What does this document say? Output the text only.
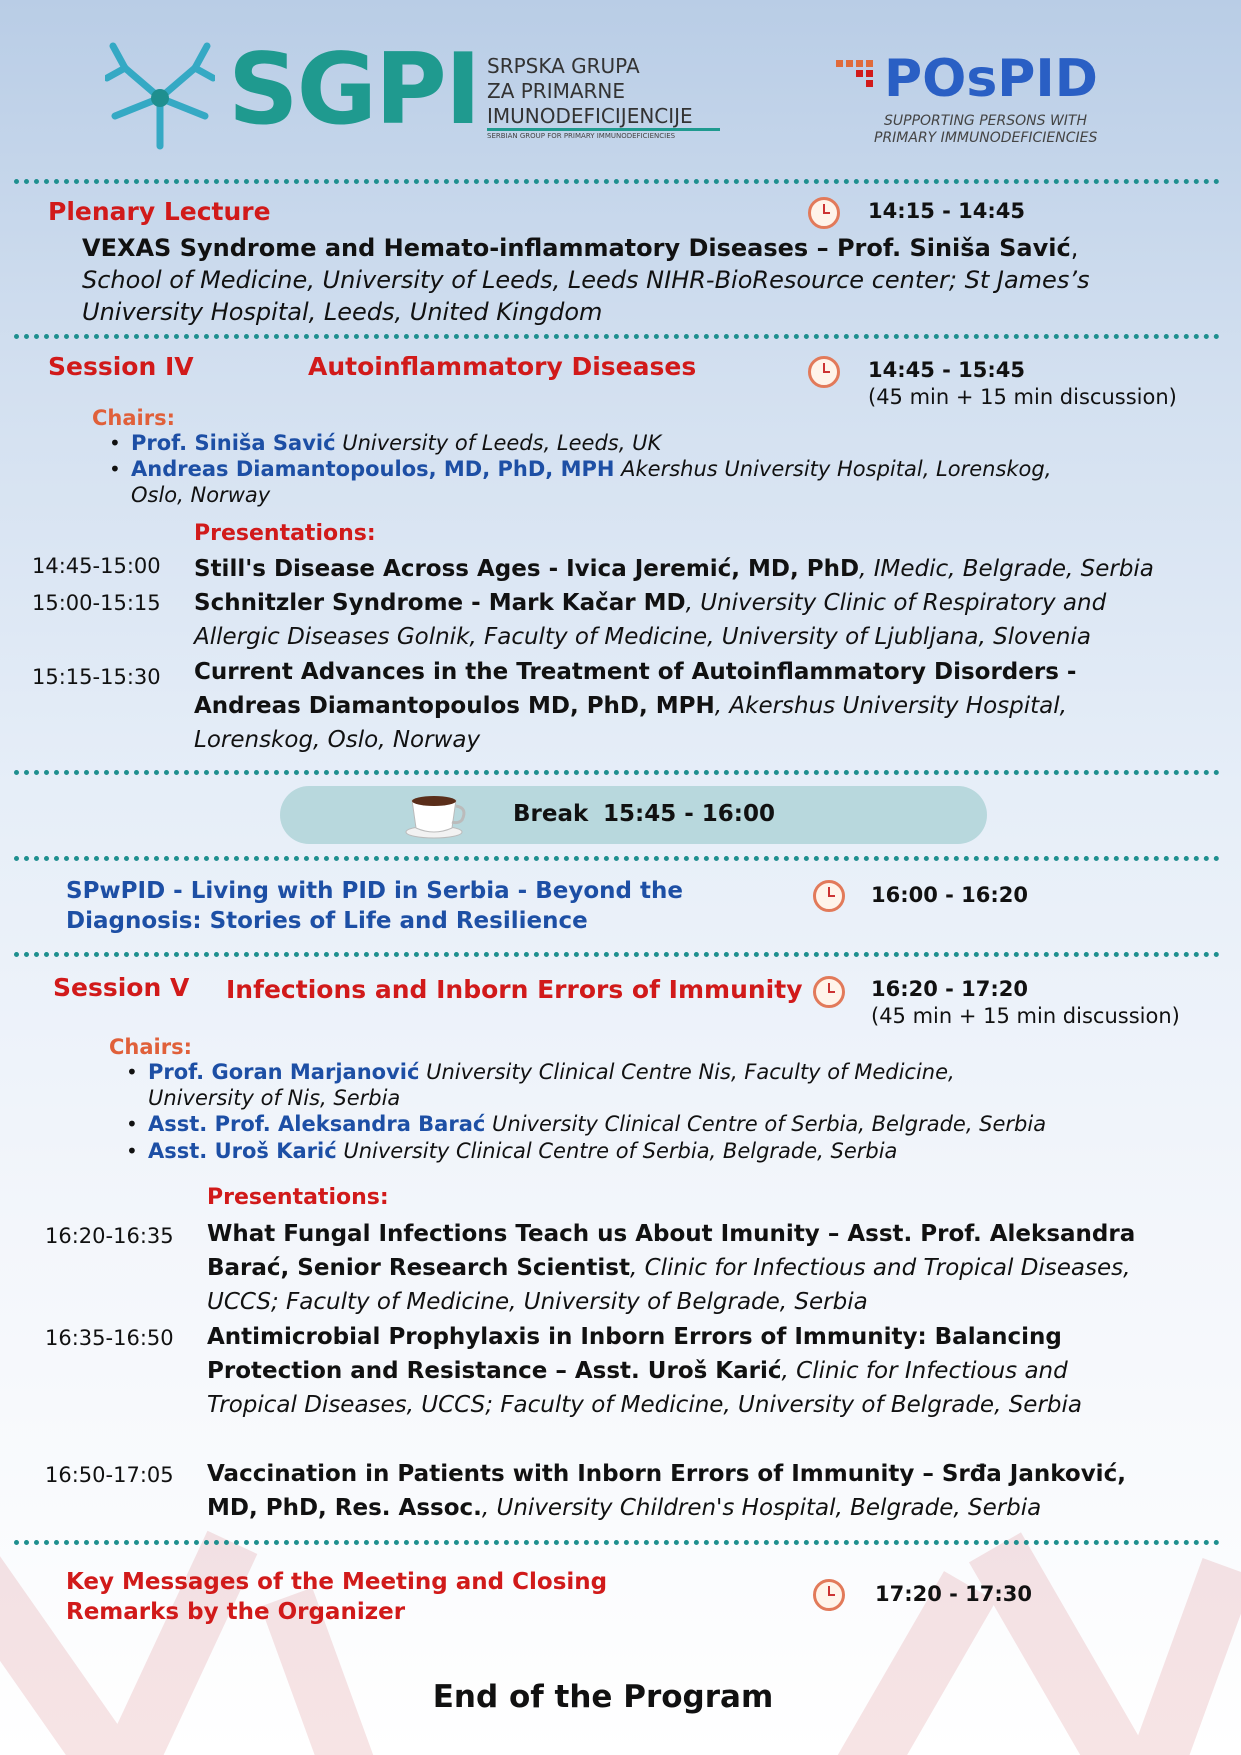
SGPI SRPSKA GRUPA
ZA PRIMARNE
IMUNODEFICIJENCIJE
SERBIAN GROUP FOR PRIMARY IMMUNODEFICIENCIES
POsPID
SUPPORTING PERSONS WITH
PRIMARY IMMUNODEFICIENCIES
Plenary Lecture	14:15 - 14:45
VEXAS Syndrome and Hemato-inflammatory Diseases – Prof. Siniša Savić, School of Medicine, University of Leeds, Leeds NIHR-BioResource center; St James’s University Hospital, Leeds, United Kingdom
Session IV	Autoinflammatory Diseases	14:45 - 15:45
(45 min + 15 min discussion)
Chairs:
• Prof. Siniša Savić University of Leeds, Leeds, UK
• Andreas Diamantopoulos, MD, PhD, MPH Akershus University Hospital, Lorenskog, Oslo, Norway
Presentations:
14:45-15:00 Still's Disease Across Ages - Ivica Jeremić, MD, PhD, IMedic, Belgrade, Serbia
15:00-15:15 Schnitzler Syndrome - Mark Kačar MD, University Clinic of Respiratory and Allergic Diseases Golnik, Faculty of Medicine, University of Ljubljana, Slovenia
15:15-15:30 Current Advances in the Treatment of Autoinflammatory Disorders - Andreas Diamantopoulos MD, PhD, MPH, Akershus University Hospital, Lorenskog, Oslo, Norway
Break 15:45 - 16:00
SPwPID - Living with PID in Serbia - Beyond the
Diagnosis: Stories of Life and Resilience
16:00 - 16:20
Session V Infections and Inborn Errors of Immunity	16:20 - 17:20
(45 min + 15 min discussion)
Chairs:
• Prof. Goran Marjanović University Clinical Centre Nis, Faculty of Medicine, University of Nis, Serbia
• Asst. Prof. Aleksandra Barać University Clinical Centre of Serbia, Belgrade, Serbia
• Asst. Uroš Karić University Clinical Centre of Serbia, Belgrade, Serbia
Presentations:
16:20-16:35 What Fungal Infections Teach us About Imunity – Asst. Prof. Aleksandra Barać, Senior Research Scientist, Clinic for Infectious and Tropical Diseases, UCCS; Faculty of Medicine, University of Belgrade, Serbia
16:35-16:50 Antimicrobial Prophylaxis in Inborn Errors of Immunity: Balancing Protection and Resistance – Asst. Uroš Karić, Clinic for Infectious and Tropical Diseases, UCCS; Faculty of Medicine, University of Belgrade, Serbia
16:50-17:05 Vaccination in Patients with Inborn Errors of Immunity – Srđa Janković, MD, PhD, Res. Assoc., University Children's Hospital, Belgrade, Serbia
Key Messages of the Meeting and Closing
Remarks by the Organizer
17:20 - 17:30
End of the Program
